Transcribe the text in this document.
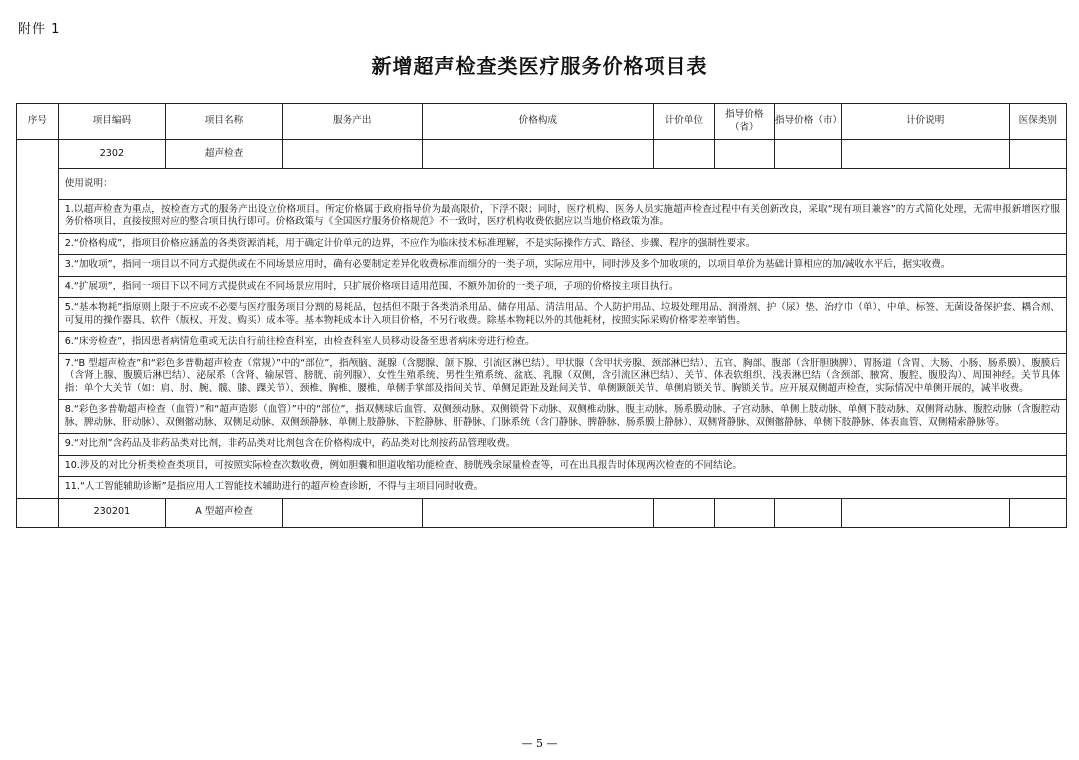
附件 1
新增超声检查类医疗服务价格项目表
序号	项目编码	项目名称	服务产出	价格构成	计价单位	指导价格（省）	指导价格（市）	计价说明	医保类别
	2302	超声检查							
	使用说明：								
	1.以超声检查为重点，按检查方式的服务产出设立价格项目。所定价格属于政府指导价为最高限价，下浮不限；同时，医疗机构、医务人员实施超声检查过程中有关创新改良，采取“现有项目兼容”的方式简化处理，无需申报新增医疗服务价格项目，直接按照对应的整合项目执行即可。价格政策与《全国医疗服务价格规范》不一致时，医疗机构收费依据应以当地价格政策为准。								
	2.“价格构成”，指项目价格应涵盖的各类资源消耗，用于确定计价单元的边界，不应作为临床技术标准理解，不是实际操作方式、路径、步骤、程序的强制性要求。								
	3.“加收项”，指同一项目以不同方式提供或在不同场景应用时，确有必要制定差异化收费标准而细分的一类子项，实际应用中，同时涉及多个加收项的，以项目单价为基础计算相应的加/减收水平后，据实收费。								
	4.“扩展项”，指同一项目下以不同方式提供或在不同场景应用时，只扩展价格项目适用范围、不额外加价的一类子项，子项的价格按主项目执行。								
	5.“基本物耗”指原则上限于不应或不必要与医疗服务项目分割的易耗品，包括但不限于各类消杀用品、储存用品、清洁用品、个人防护用品、垃圾处理用品、润滑剂、护（尿）垫、治疗巾（单）、中单、标签、无菌设备保护套、耦合剂、可复用的操作器具、软件（版权、开发、购买）成本等。基本物耗成本计入项目价格，不另行收费。除基本物耗以外的其他耗材，按照实际采购价格零差率销售。								
	6.“床旁检查”，指因患者病情危重或无法自行前往检查科室，由检查科室人员移动设备至患者病床旁进行检查。								
	7.“B 型超声检查”和“彩色多普勒超声检查（常规）”中的“部位”，指颅脑、涎腺（含腮腺、颌下腺、引流区淋巴结）、甲状腺（含甲状旁腺、颈部淋巴结）、五官、胸部、腹部（含肝胆胰脾）、胃肠道（含胃、大肠、小肠、肠系膜）、腹膜后（含肾上腺、腹膜后淋巴结）、泌尿系（含肾、输尿管、膀胱、前列腺）、女性生殖系统、男性生殖系统、盆底、乳腺（双侧，含引流区淋巴结）、关节、体表软组织、浅表淋巴结（含颈部、腋窝、腹腔、腹股沟）、周围神经。关节具体指：单个大关节（如：肩、肘、腕、髋、膝、踝关节）、颈椎、胸椎、腰椎、单侧手掌部及指间关节、单侧足距趾及趾间关节、单侧颞颌关节、单侧肩锁关节、胸锁关节。应开展双侧超声检查，实际情况中单侧开展的，减半收费。								
	8.“彩色多普勒超声检查（血管）”和“超声造影（血管）”中的“部位”，指双侧球后血管、双侧颈动脉、双侧锁骨下动脉、双侧椎动脉、腹主动脉、肠系膜动脉、子宫动脉、单侧上肢动脉、单侧下肢动脉、双侧肾动脉、腹腔动脉（含腹腔动脉、脾动脉、肝动脉）、双侧髂动脉、双侧足动脉、双侧颈静脉、单侧上肢静脉、下腔静脉、肝静脉、门脉系统（含门静脉、脾静脉、肠系膜上静脉）、双侧肾静脉、双侧髂静脉、单侧下肢静脉、体表血管、双侧精索静脉等。								
	9.“对比剂”含药品及非药品类对比剂，非药品类对比剂包含在价格构成中，药品类对比剂按药品管理收费。								
	10.涉及的对比分析类检查类项目，可按照实际检查次数收费，例如胆囊和胆道收缩功能检查、膀胱残余尿量检查等，可在出具报告时体现两次检查的不同结论。								
	11.“人工智能辅助诊断”是指应用人工智能技术辅助进行的超声检查诊断，不得与主项目同时收费。								
	230201	A 型超声检查							
— 5 —
